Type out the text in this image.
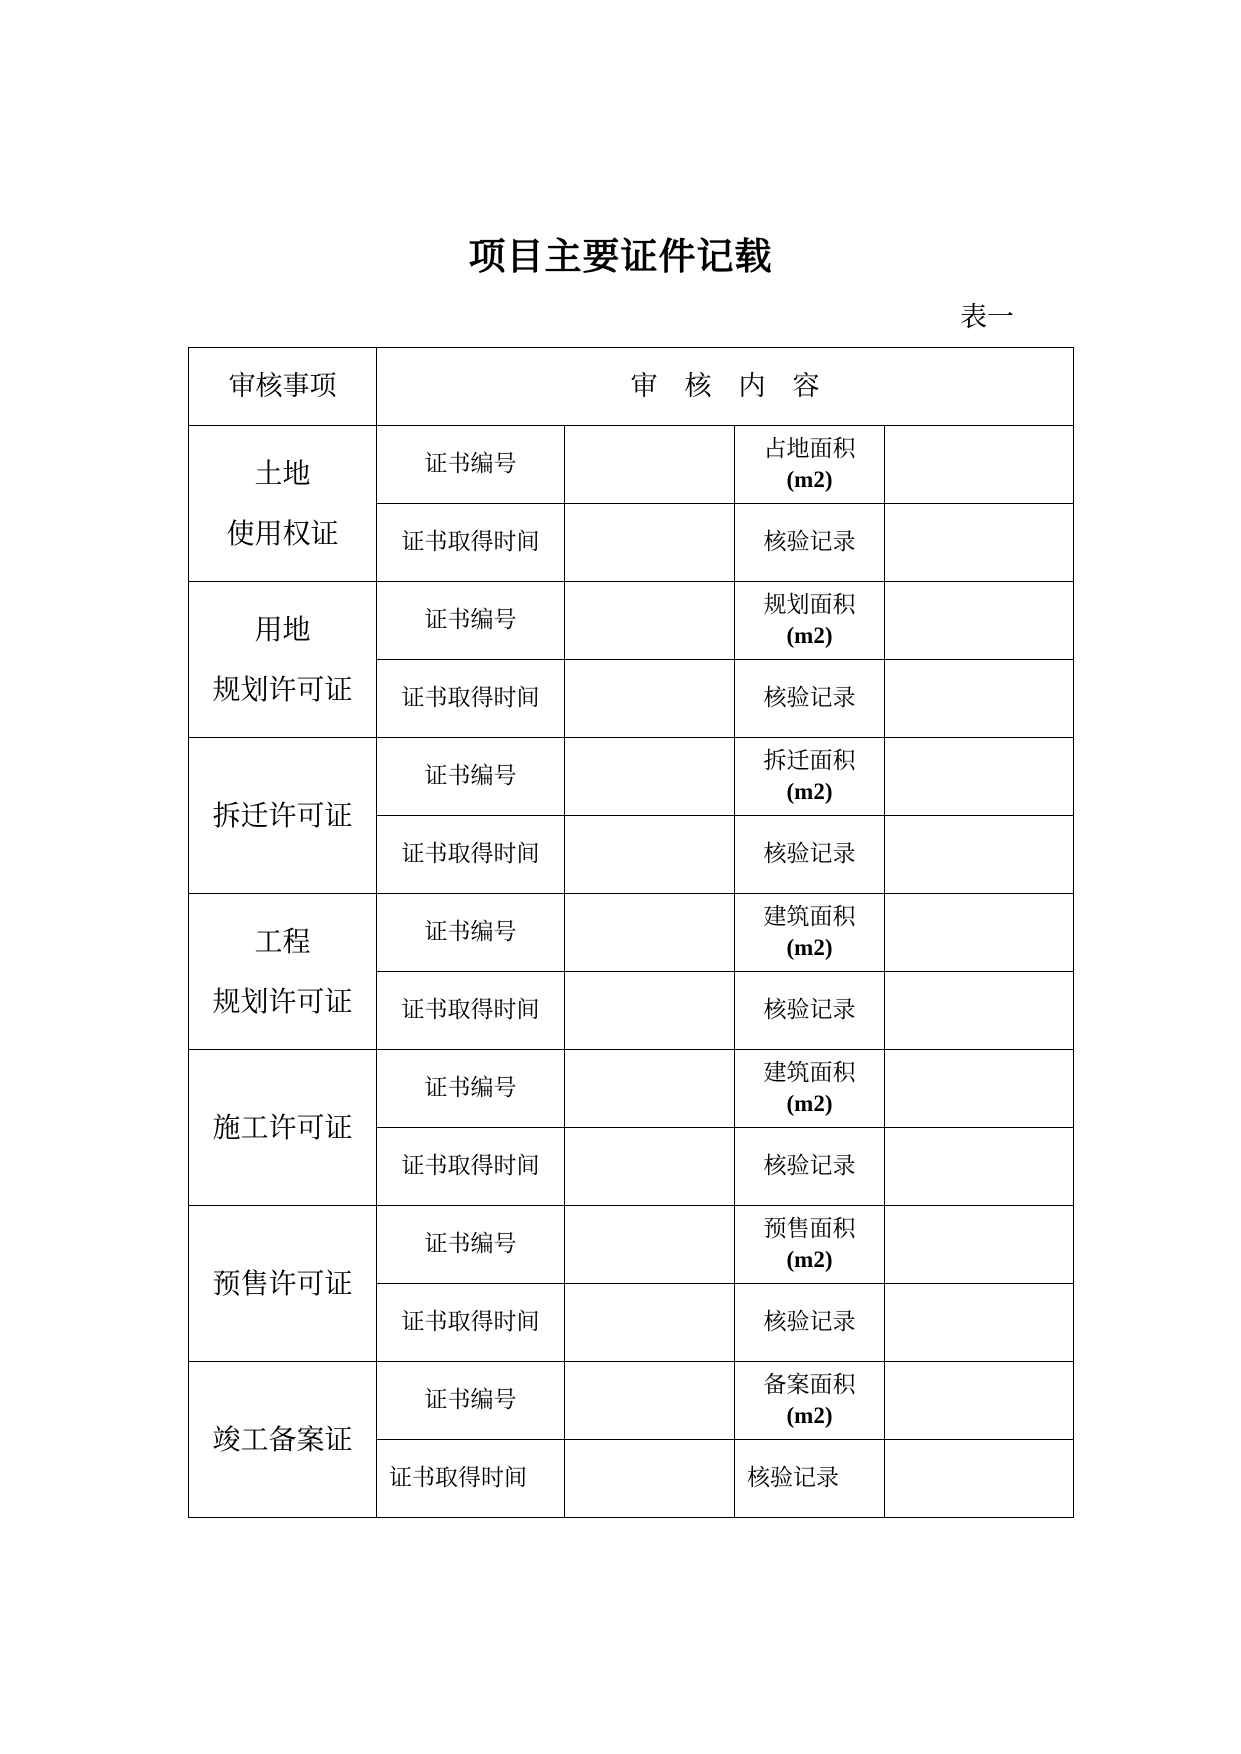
项目主要证件记载
表一
审核事项	审　核　内　容			

土地
使用权证	证书编号		占地面积
(m2)	

	证书取得时间		核验记录	

用地
规划许可证	证书编号		规划面积
(m2)	

	证书取得时间		核验记录	

拆迁许可证	证书编号		拆迁面积
(m2)	

	证书取得时间		核验记录	

工程
规划许可证	证书编号		建筑面积
(m2)	

	证书取得时间		核验记录	

施工许可证	证书编号		建筑面积
(m2)	

	证书取得时间		核验记录	

预售许可证	证书编号		预售面积
(m2)	

	证书取得时间		核验记录	

竣工备案证	证书编号		备案面积
(m2)	

	证书取得时间		核验记录	
